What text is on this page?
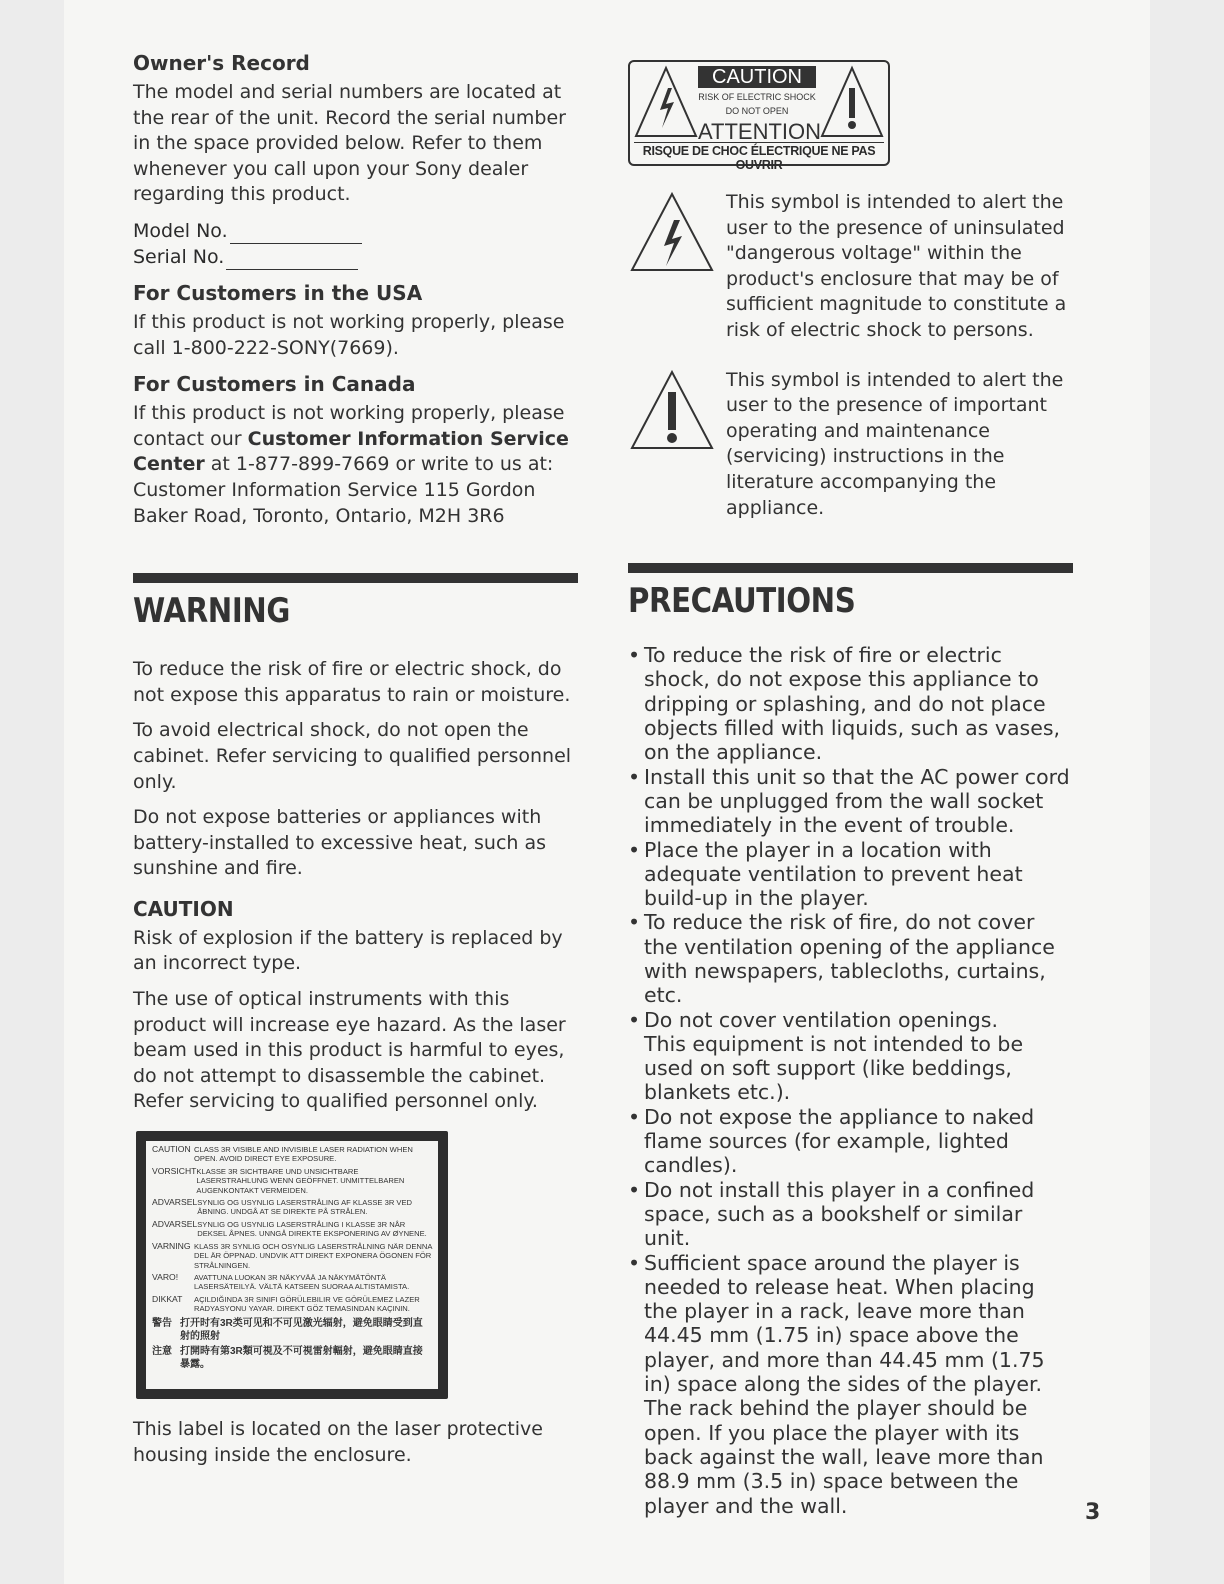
Owner's Record

The model and serial numbers are located at the rear of the unit. Record the serial number in the space provided below. Refer to them whenever you call upon your Sony dealer regarding this product.

Model No.
Serial No.
For Customers in the USA

If this product is not working properly, please call 1-800-222-SONY(7669).

For Customers in Canada

If this product is not working properly, please contact our Customer Information Service Center at 1-877-899-7669 or write to us at: Customer Information Service 115 Gordon Baker Road, Toronto, Ontario, M2H 3R6

WARNING

To reduce the risk of fire or electric shock, do not expose this apparatus to rain or moisture.

To avoid electrical shock, do not open the cabinet. Refer servicing to qualified personnel only.

Do not expose batteries or appliances with battery-installed to excessive heat, such as sunshine and fire.

CAUTION

Risk of explosion if the battery is replaced by an incorrect type.

The use of optical instruments with this product will increase eye hazard. As the laser beam used in this product is harmful to eyes, do not attempt to disassemble the cabinet.

Refer servicing to qualified personnel only.

CAUTION CLASS 3R VISIBLE AND INVISIBLE LASER RADIATION WHEN OPEN. AVOID DIRECT EYE EXPOSURE.
VORSICHT KLASSE 3R SICHTBARE UND UNSICHTBARE LASERSTRAHLUNG WENN GEÖFFNET. UNMITTELBAREN AUGENKONTAKT VERMEIDEN.
ADVARSEL SYNLIG OG USYNLIG LASERSTRÅLING AF KLASSE 3R VED ÅBNING. UNDGÅ AT SE DIREKTE PÅ STRÅLEN.
ADVARSEL SYNLIG OG USYNLIG LASERSTRÅLING I KLASSE 3R NÅR DEKSEL ÅPNES. UNNGÅ DIREKTE EKSPONERING AV ØYNENE.
VARNING KLASS 3R SYNLIG OCH OSYNLIG LASERSTRÅLNING NÄR DENNA DEL ÄR ÖPPNAD. UNDVIK ATT DIREKT EXPONERA ÖGONEN FÖR STRÅLNINGEN.
VARO!	AVATTUNA LUOKAN 3R NÄKYVÄÄ JA NÄKYMÄTÖNTÄ LASERSÄTEILYÄ. VÄLTÄ KATSEEN SUORAA ALTISTAMISTA.
DIKKAT	AÇILDIĞINDA 3R SINIFI GÖRÜLEBILIR VE GÖRÜLEMEZ LAZER RADYASYONU YAYAR. DIREKT GÖZ TEMASINDAN KAÇININ.
警告 打开时有3R类可见和不可见激光辐射，避免眼睛受到直射的照射
注意 打開時有第3R類可視及不可視雷射輻射，避免眼睛直接暴露。

This label is located on the laser protective housing inside the enclosure.

CAUTION
RISK OF ELECTRIC SHOCK
DO NOT OPEN
ATTENTION
RISQUE DE CHOC ÉLECTRIQUE NE PAS OUVRIR
This symbol is intended to alert the user to the presence of uninsulated "dangerous voltage" within the product's enclosure that may be of sufficient magnitude to constitute a risk of electric shock to persons.
This symbol is intended to alert the user to the presence of important operating and maintenance (servicing) instructions in the literature accompanying the appliance.
PRECAUTIONS
• To reduce the risk of fire or electric shock, do not expose this appliance to dripping or splashing, and do not place objects filled with liquids, such as vases, on the appliance.
• Install this unit so that the AC power cord can be unplugged from the wall socket immediately in the event of trouble.
• Place the player in a location with adequate ventilation to prevent heat build-up in the player.
• To reduce the risk of fire, do not cover the ventilation opening of the appliance with newspapers, tablecloths, curtains, etc.
• Do not cover ventilation openings.
This equipment is not intended to be used on soft support (like beddings, blankets etc.).
• Do not expose the appliance to naked flame sources (for example, lighted candles).
• Do not install this player in a confined space, such as a bookshelf or similar unit.
• Sufficient space around the player is needed to release heat. When placing the player in a rack, leave more than 44.45 mm (1.75 in) space above the player, and more than 44.45 mm (1.75 in) space along the sides of the player. The rack behind the player should be open. If you place the player with its back against the wall, leave more than 88.9 mm (3.5 in) space between the player and the wall.	3
